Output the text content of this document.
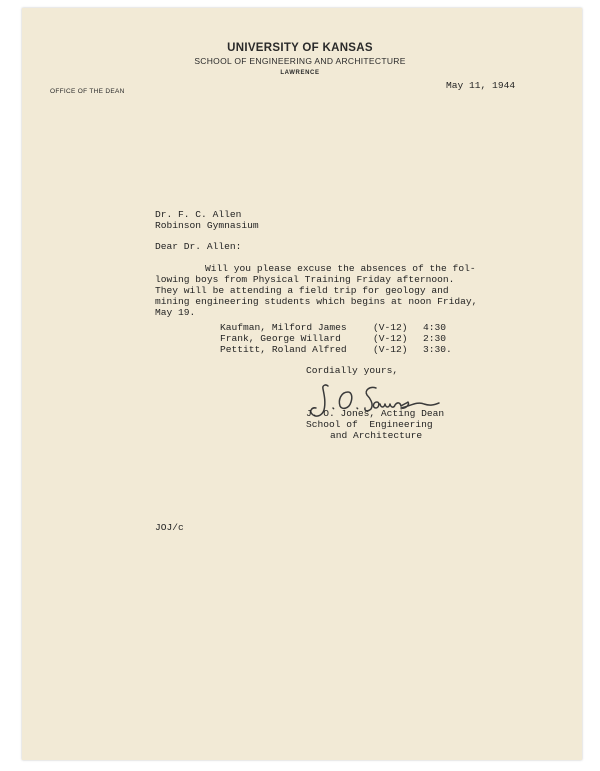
UNIVERSITY OF KANSAS
SCHOOL OF ENGINEERING AND ARCHITECTURE
LAWRENCE
OFFICE OF THE DEAN
May 11, 1944
Dr. F. C. Allen
Robinson Gymnasium
Dear Dr. Allen:
Will you please excuse the absences of the fol-
lowing boys from Physical Training Friday afternoon.
They will be attending a field trip for geology and
mining engineering students which begins at noon Friday,
May 19.
Kaufman, Milford James	(V-12) 4:30
Frank, George Willard	(V-12) 2:30
Pettitt, Roland Alfred	(V-12) 3:30.
Cordially yours,
J. O. Jones, Acting Dean
School of  Engineering
and Architecture
JOJ/c
